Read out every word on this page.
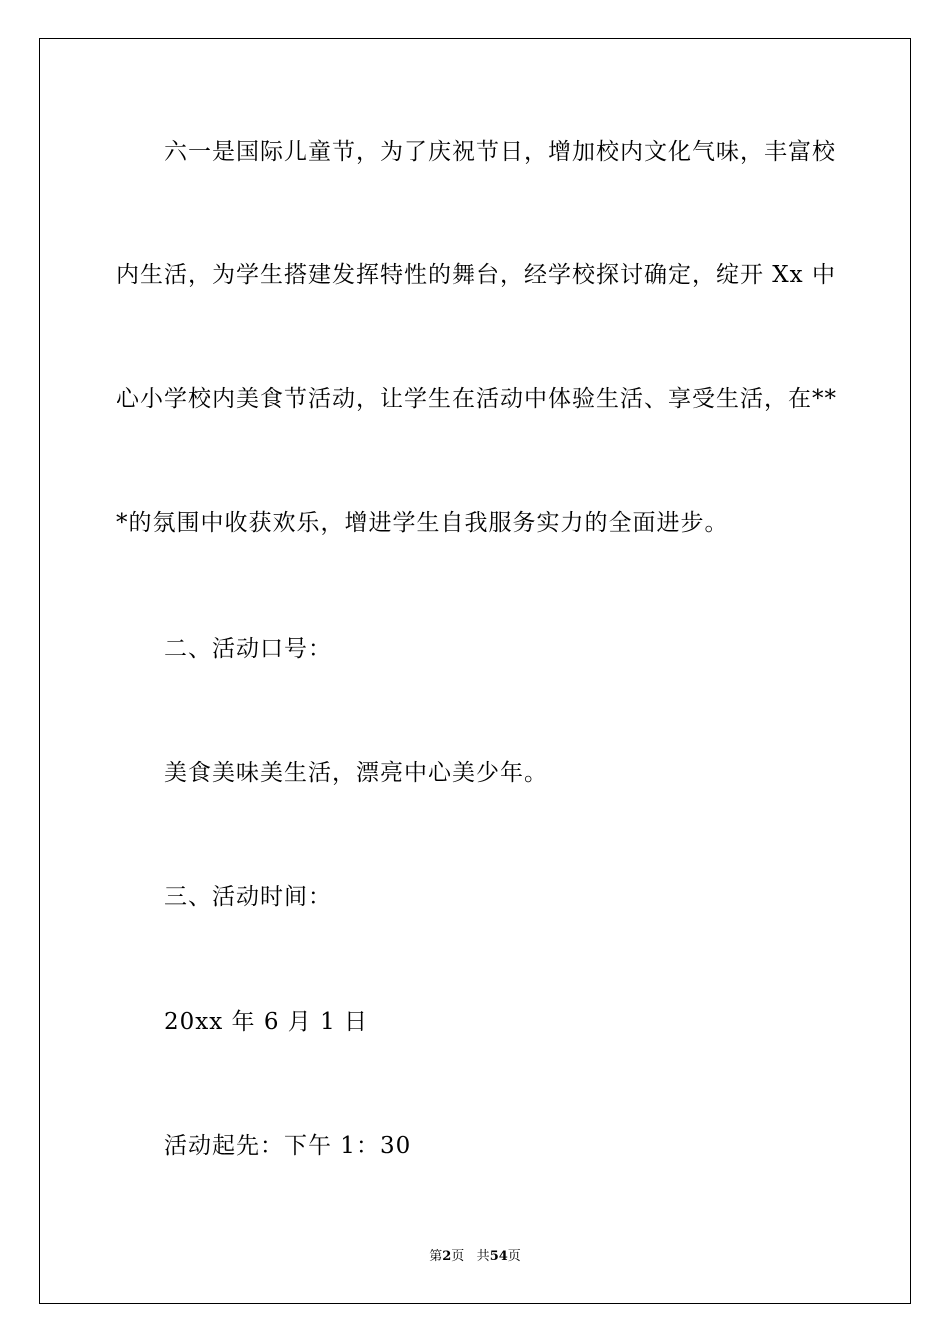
六一是国际儿童节，为了庆祝节日，增加校内文化气味，丰富校
内生活，为学生搭建发挥特性的舞台，经学校探讨确定，绽开 Xx 中
心小学校内美食节活动，让学生在活动中体验生活、享受生活，在**
*的氛围中收获欢乐，增进学生自我服务实力的全面进步。
二、活动口号：
美食美味美生活，漂亮中心美少年。
三、活动时间：
20xx 年 6 月 1 日
活动起先：下午 1：30
第2页 共54页
